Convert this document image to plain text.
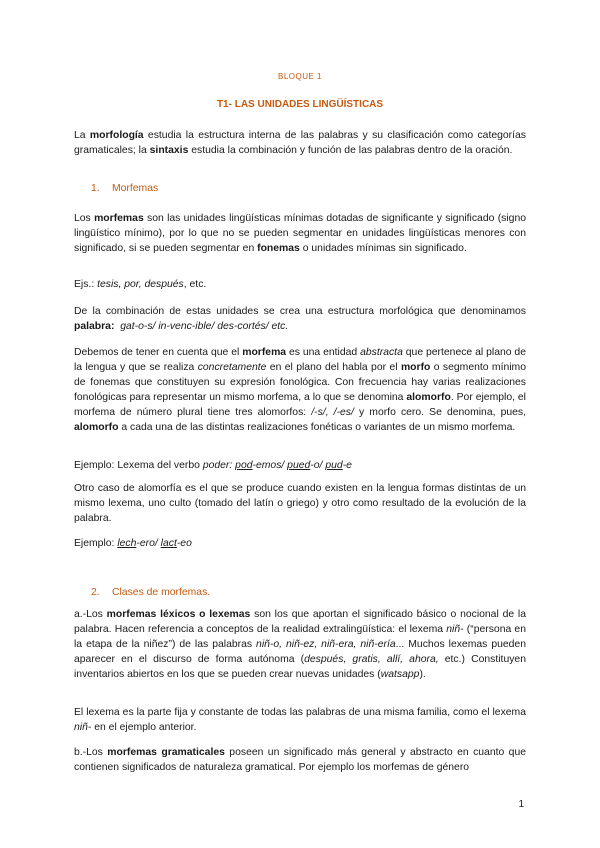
BLOQUE 1
T1- LAS UNIDADES LINGÜÍSTICAS

La morfología estudia la estructura interna de las palabras y su clasificación como categorías gramaticales; la sintaxis estudia la combinación y función de las palabras dentro de la oración.

1. Morfemas

Los morfemas son las unidades lingüísticas mínimas dotadas de significante y significado (signo lingüístico mínimo), por lo que no se pueden segmentar en unidades lingüísticas menores con significado, si se pueden segmentar en fonemas o unidades mínimas sin significado.

Ejs.: tesis, por, después, etc.

De la combinación de estas unidades se crea una estructura morfológica que denominamos palabra: gat-o-s/ in-venc-ible/ des-cortés/ etc.

Debemos de tener en cuenta que el morfema es una entidad abstracta que pertenece al plano de la lengua y que se realiza concretamente en el plano del habla por el morfo o segmento mínimo de fonemas que constituyen su expresión fonológica. Con frecuencia hay varias realizaciones fonológicas para representar un mismo morfema, a lo que se denomina alomorfo. Por ejemplo, el morfema de número plural tiene tres alomorfos: /-s/, /-es/ y morfo cero. Se denomina, pues, alomorfo a cada una de las distintas realizaciones fonéticas o variantes de un mismo morfema.

Ejemplo: Lexema del verbo poder: pod-emos/ pued-o/ pud-e

Otro caso de alomorfía es el que se produce cuando existen en la lengua formas distintas de un mismo lexema, uno culto (tomado del latín o griego) y otro como resultado de la evolución de la palabra.

Ejemplo: lech-ero/ lact-eo

2. Clases de morfemas.

a.-Los morfemas léxicos o lexemas son los que aportan el significado básico o nocional de la palabra. Hacen referencia a conceptos de la realidad extralingüística: el lexema niñ- (“persona en la etapa de la niñez”) de las palabras niñ-o, niñ-ez, niñ-era, niñ-ería... Muchos lexemas pueden aparecer en el discurso de forma autónoma (después, gratis, allí, ahora, etc.) Constituyen inventarios abiertos en los que se pueden crear nuevas unidades (watsapp).

El lexema es la parte fija y constante de todas las palabras de una misma familia, como el lexema niñ- en el ejemplo anterior.

b.-Los morfemas gramaticales poseen un significado más general y abstracto en cuanto que contienen significados de naturaleza gramatical. Por ejemplo los morfemas de género

1
